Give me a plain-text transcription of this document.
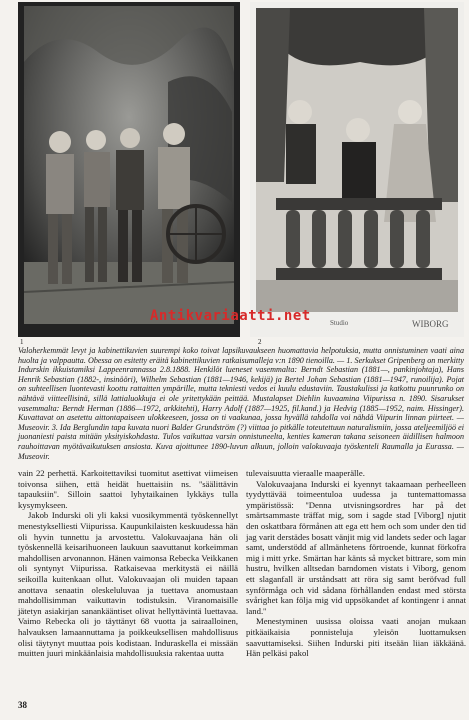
1	2
Studio	WIBORG
Antikvariaatti.net

Valoherkemmät levyt ja kabinettikuvien suurempi koko toivat lapsikuvaukseen huomattavia helpotuksia, mutta onnistuminen vaati aina huolta ja valppautta. Obessa on esitetty eräitä kabinettikuvien ratkaisumalleja v:n 1890 tienoilla. — 1. Serkukset Gripenberg on merkitty Indurskin ikkuistamiksi Lappeenrannassa 2.8.1888. Henkilöt lueneset vasemmalta: Berndt Sebastian (1881—, pankinjohtaja), Hans Henrik Sebastian (1882-, insinööri), Wilhelm Sebastian (1881—1946, kekijä) ja Bertel Johan Sebastian (1881—1947, runoilija). Pojat on suhteellisen luontevasti koottu rattaitten ympärille, mutta tekniesti vedos ei kuulu edustaviin. Taustakulissi ja katkottu puunrunko on nähtävä viitteellisinä, sillä lattialuokkuja ei ole yritettykään peittää. Mustalapset Diehlin kuvaamina Viipurissa n. 1890. Sisarukset vasemmalta: Berndt Herman (1886—1972, arkkitehti), Harry Adolf (1887—1925, fil.kand.) ja Hedvig (1885—1952, naim. Hissinger). Kuvattavat on asetettu aittontapaiseen ulokkeeseen, jossa on ti vaakunaa, jossa hyvällä tahdolla voi nähdä Viipurin linnan piirteet. — Museovir. 3. Ida Berglundin tapa kuvata nuori Balder Grundström (?) viittaa jo pitkälle toteutettuun naturalismiin, jossa ateljeemiljöö ei juonaniesti paista mitään yksityiskohdasta. Tulos vaikuttaa varsin onnistuneelta, kenties kameran takana seisoneen äidillisen halmoon rauhoittavan myötävaikutuksen ansiosta. Kuva ajoittunee 1890-luvun alkuun, jolloin valokuvaaja työskenteli Raumalla ja Eurassa. — Museovir.

vain 22 perhettä. Karkoitettaviksi tuomitut asettivat viimeisen toivonsa siihen, että heidät huettaisiin ns. ''säälittävin tapauksiin''. Silloin saattoi lyhytaikainen lykkäys tulla kysymykseen.

Jakob Indurski oli yli kaksi vuosikymmentä työskennellyt menestykselliesti Viipurissa. Kaupunkilaisten keskuudessa hän oli hyvin tunnettu ja arvostettu. Valokuvaajana hän oli työskennellä keisarihuoneen laukuun saavuttanut korkeimman mahdollisen arvonannon. Hänen vaimonsa Rebecka Veikkanen oli syntynyt Viipurissa. Ratkaisevaa merkitystä ei näillä seikoilla kuitenkaan ollut. Valokuvaajan oli muiden tapaan anottava senaatin oleskeluluvaa ja tuettava anomustaan mahdollisimman vaikuttavin todistuksin. Viranomaisille jätetyn asiakirjan sanankääntiset olivat hellyttävintä luettavaa. Vaimo Rebecka oli jo täyttänyt 68 vuotta ja sairaalloinen, halvauksen lamaannuttama ja poikkeuksellisen mahdollisuus olisi täytynyt muuttaa pois kodistaan. Induraskella ei missään muitten juuri minkäänlaisia mahdollisuuksia rakentaa uutta

tulevaisuutta vieraalle maaperälle.

Valokuvaajana Indurski ei kyennyt takaamaan perheelleen tyydyttävää toimeentuloa uudessa ja tuntemattomassa ympäristössä: ''Denna utvisningsordres har på det smärtsammaste träffat mig, som i sagde stad [Viborg] njutit den oskattbara förmånen att ega ett hem och som under den tid jag varit derstädes bosatt vänjit mig vid landets seder och lagar samt, understödd af allmänhetens förtroende, kunnat förkofra mig i mitt yrke. Smärtan har känts så mycket bittrare, som min hustru, hvilken alltsedan barndomen vistats i Viborg, genom ett slaganfall är urståndsatt att röra sig samt beröfvad full synförmåga och vid sådana förhållanden endast med största svårighet kan följa mig vid uppsökandet af kontingenr i annat land.''

Menestyminen uusissa oloissa vaati anojan mukaan pitkäaikaisia ponnisteluja yleisön luottamuksen saavuttamiseksi. Siihen Indurski piti itseään liian iäkkäänä. Hän pelkäsi pakol

38
